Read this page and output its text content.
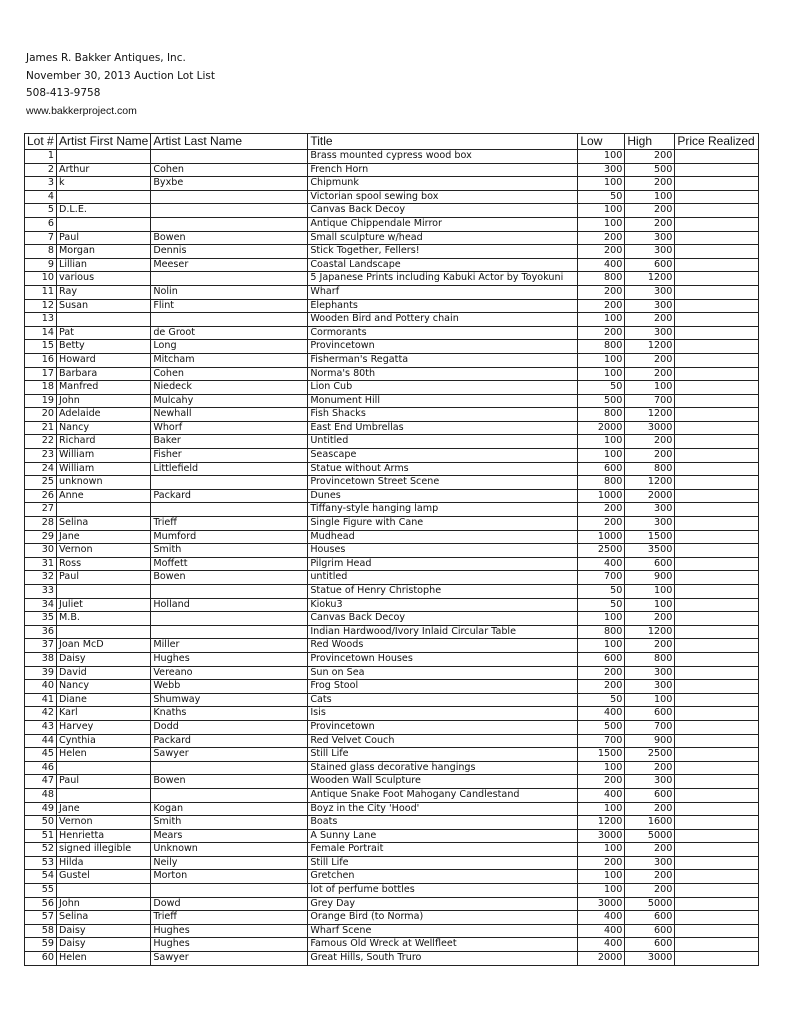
James R. Bakker Antiques, Inc.
November 30, 2013 Auction Lot List
508-413-9758
www.bakkerproject.com
Lot #	Artist First Name	Artist Last Name	Title	Low	High	Price Realized
1			Brass mounted cypress wood box	100	200	
2	Arthur	Cohen	French Horn	300	500	
3	k	Byxbe	Chipmunk	100	200	
4			Victorian spool sewing box	50	100	
5	D.L.E.		Canvas Back Decoy	100	200	
6			Antique Chippendale Mirror	100	200	
7	Paul	Bowen	Small sculpture w/head	200	300	
8	Morgan	Dennis	Stick Together, Fellers!	200	300	
9	Lillian	Meeser	Coastal Landscape	400	600	
10	various		5 Japanese Prints including Kabuki Actor by Toyokuni	800	1200	
11	Ray	Nolin	Wharf	200	300	
12	Susan	Flint	Elephants	200	300	
13			Wooden Bird and Pottery chain	100	200	
14	Pat	de Groot	Cormorants	200	300	
15	Betty	Long	Provincetown	800	1200	
16	Howard	Mitcham	Fisherman's Regatta	100	200	
17	Barbara	Cohen	Norma's 80th	100	200	
18	Manfred	Niedeck	Lion Cub	50	100	
19	John	Mulcahy	Monument Hill	500	700	
20	Adelaide	Newhall	Fish Shacks	800	1200	
21	Nancy	Whorf	East End Umbrellas	2000	3000	
22	Richard	Baker	Untitled	100	200	
23	William	Fisher	Seascape	100	200	
24	William	Littlefield	Statue without Arms	600	800	
25	unknown		Provincetown Street Scene	800	1200	
26	Anne	Packard	Dunes	1000	2000	
27			Tiffany-style hanging lamp	200	300	
28	Selina	Trieff	Single Figure with Cane	200	300	
29	Jane	Mumford	Mudhead	1000	1500	
30	Vernon	Smith	Houses	2500	3500	
31	Ross	Moffett	Pilgrim Head	400	600	
32	Paul	Bowen	untitled	700	900	
33			Statue of Henry Christophe	50	100	
34	Juliet	Holland	Kioku3	50	100	
35	M.B.		Canvas Back Decoy	100	200	
36			Indian Hardwood/Ivory Inlaid Circular Table	800	1200	
37	Joan McD	Miller	Red Woods	100	200	
38	Daisy	Hughes	Provincetown Houses	600	800	
39	David	Vereano	Sun on Sea	200	300	
40	Nancy	Webb	Frog Stool	200	300	
41	Diane	Shumway	Cats	50	100	
42	Karl	Knaths	Isis	400	600	
43	Harvey	Dodd	Provincetown	500	700	
44	Cynthia	Packard	Red Velvet Couch	700	900	
45	Helen	Sawyer	Still Life	1500	2500	
46			Stained glass decorative hangings	100	200	
47	Paul	Bowen	Wooden Wall Sculpture	200	300	
48			Antique Snake Foot Mahogany Candlestand	400	600	
49	Jane	Kogan	Boyz in the City 'Hood'	100	200	
50	Vernon	Smith	Boats	1200	1600	
51	Henrietta	Mears	A Sunny Lane	3000	5000	
52	signed illegible	Unknown	Female Portrait	100	200	
53	Hilda	Neily	Still Life	200	300	
54	Gustel	Morton	Gretchen	100	200	
55			lot of perfume bottles	100	200	
56	John	Dowd	Grey Day	3000	5000	
57	Selina	Trieff	Orange Bird (to Norma)	400	600	
58	Daisy	Hughes	Wharf Scene	400	600	
59	Daisy	Hughes	Famous Old Wreck at Wellfleet	400	600	
60	Helen	Sawyer	Great Hills, South Truro	2000	3000	
